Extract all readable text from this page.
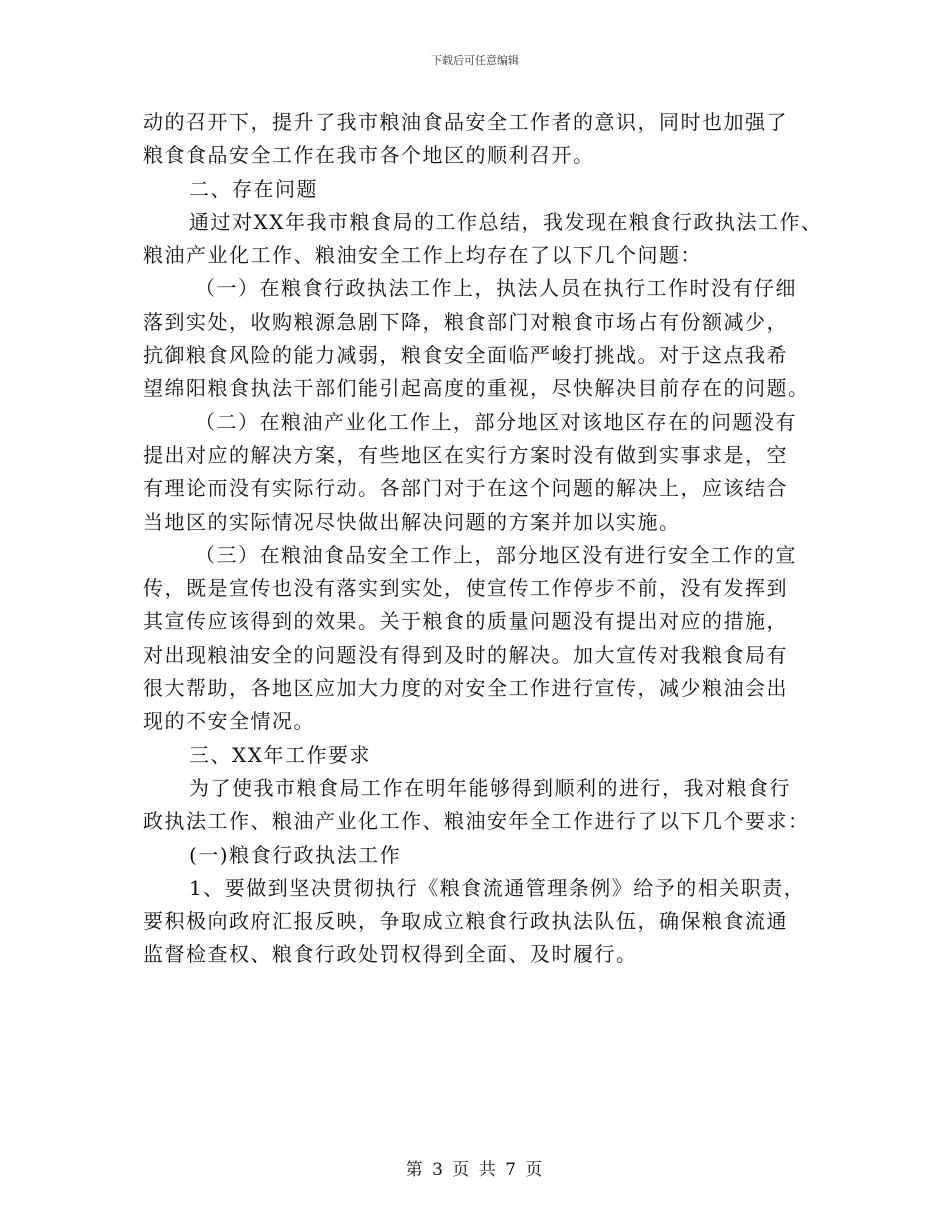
下载后可任意编辑
动的召开下，提升了我市粮油食品安全工作者的意识，同时也加强了
粮食食品安全工作在我市各个地区的顺利召开。
二、存在问题
通过对XX年我市粮食局的工作总结，我发现在粮食行政执法工作、
粮油产业化工作、粮油安全工作上均存在了以下几个问题：
（一）在粮食行政执法工作上，执法人员在执行工作时没有仔细
落到实处，收购粮源急剧下降，粮食部门对粮食市场占有份额减少，
抗御粮食风险的能力减弱，粮食安全面临严峻打挑战。对于这点我希
望绵阳粮食执法干部们能引起高度的重视，尽快解决目前存在的问题。
（二）在粮油产业化工作上，部分地区对该地区存在的问题没有
提出对应的解决方案，有些地区在实行方案时没有做到实事求是，空
有理论而没有实际行动。各部门对于在这个问题的解决上，应该结合
当地区的实际情况尽快做出解决问题的方案并加以实施。
（三）在粮油食品安全工作上，部分地区没有进行安全工作的宣
传，既是宣传也没有落实到实处，使宣传工作停步不前，没有发挥到
其宣传应该得到的效果。关于粮食的质量问题没有提出对应的措施，
对出现粮油安全的问题没有得到及时的解决。加大宣传对我粮食局有
很大帮助，各地区应加大力度的对安全工作进行宣传，减少粮油会出
现的不安全情况。
三、XX年工作要求
为了使我市粮食局工作在明年能够得到顺利的进行，我对粮食行
政执法工作、粮油产业化工作、粮油安年全工作进行了以下几个要求：
(一)粮食行政执法工作
1、要做到坚决贯彻执行《粮食流通管理条例》给予的相关职责，
要积极向政府汇报反映，争取成立粮食行政执法队伍，确保粮食流通
监督检查权、粮食行政处罚权得到全面、及时履行。
第 3 页 共 7 页
